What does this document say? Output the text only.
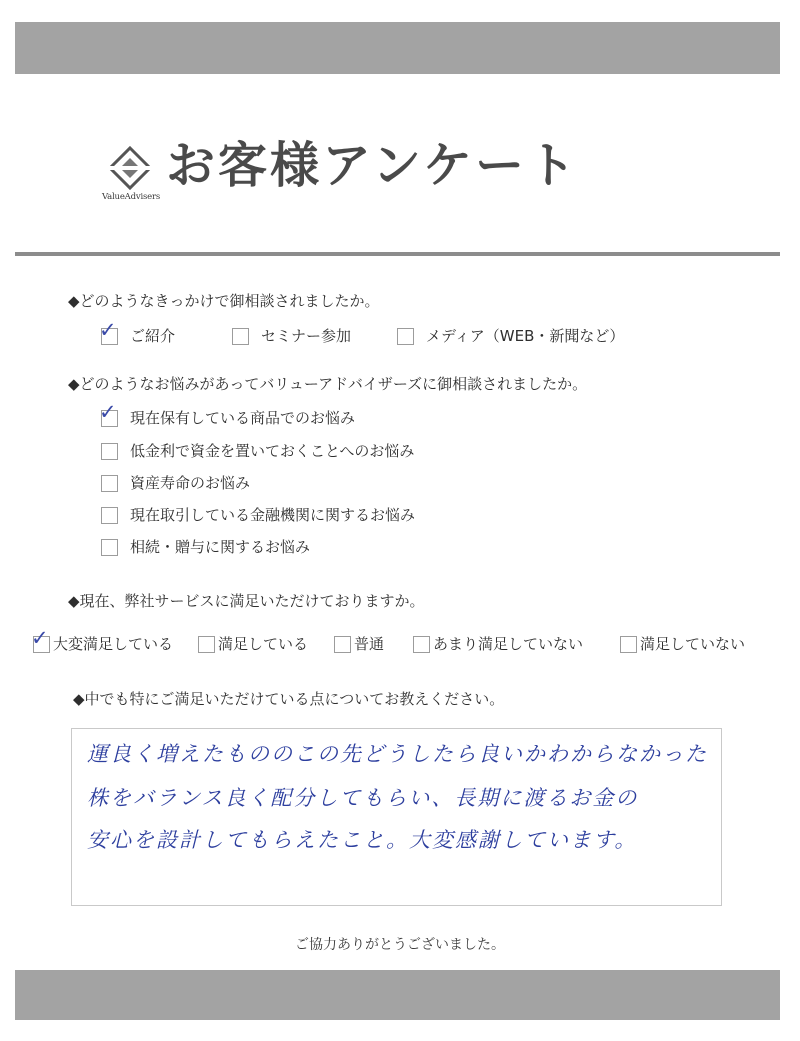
ValueAdvisers
お客様アンケート
◆どのようなきっかけで御相談されましたか。
✓ ご紹介	セミナー参加	メディア（WEB・新聞など）
◆どのようなお悩みがあってバリューアドバイザーズに御相談されましたか。
✓ 現在保有している商品でのお悩み
低金利で資金を置いておくことへのお悩み
資産寿命のお悩み
現在取引している金融機関に関するお悩み
相続・贈与に関するお悩み
◆現在、弊社サービスに満足いただけておりますか。
✓ 大変満足している	満足している	普通	あまり満足していない	満足していない
◆中でも特にご満足いただけている点についてお教えください。
運良く増えたもののこの先どうしたら良いかわからなかった
株をバランス良く配分してもらい、長期に渡るお金の
安心を設計してもらえたこと。大変感謝しています。
ご協力ありがとうございました。
